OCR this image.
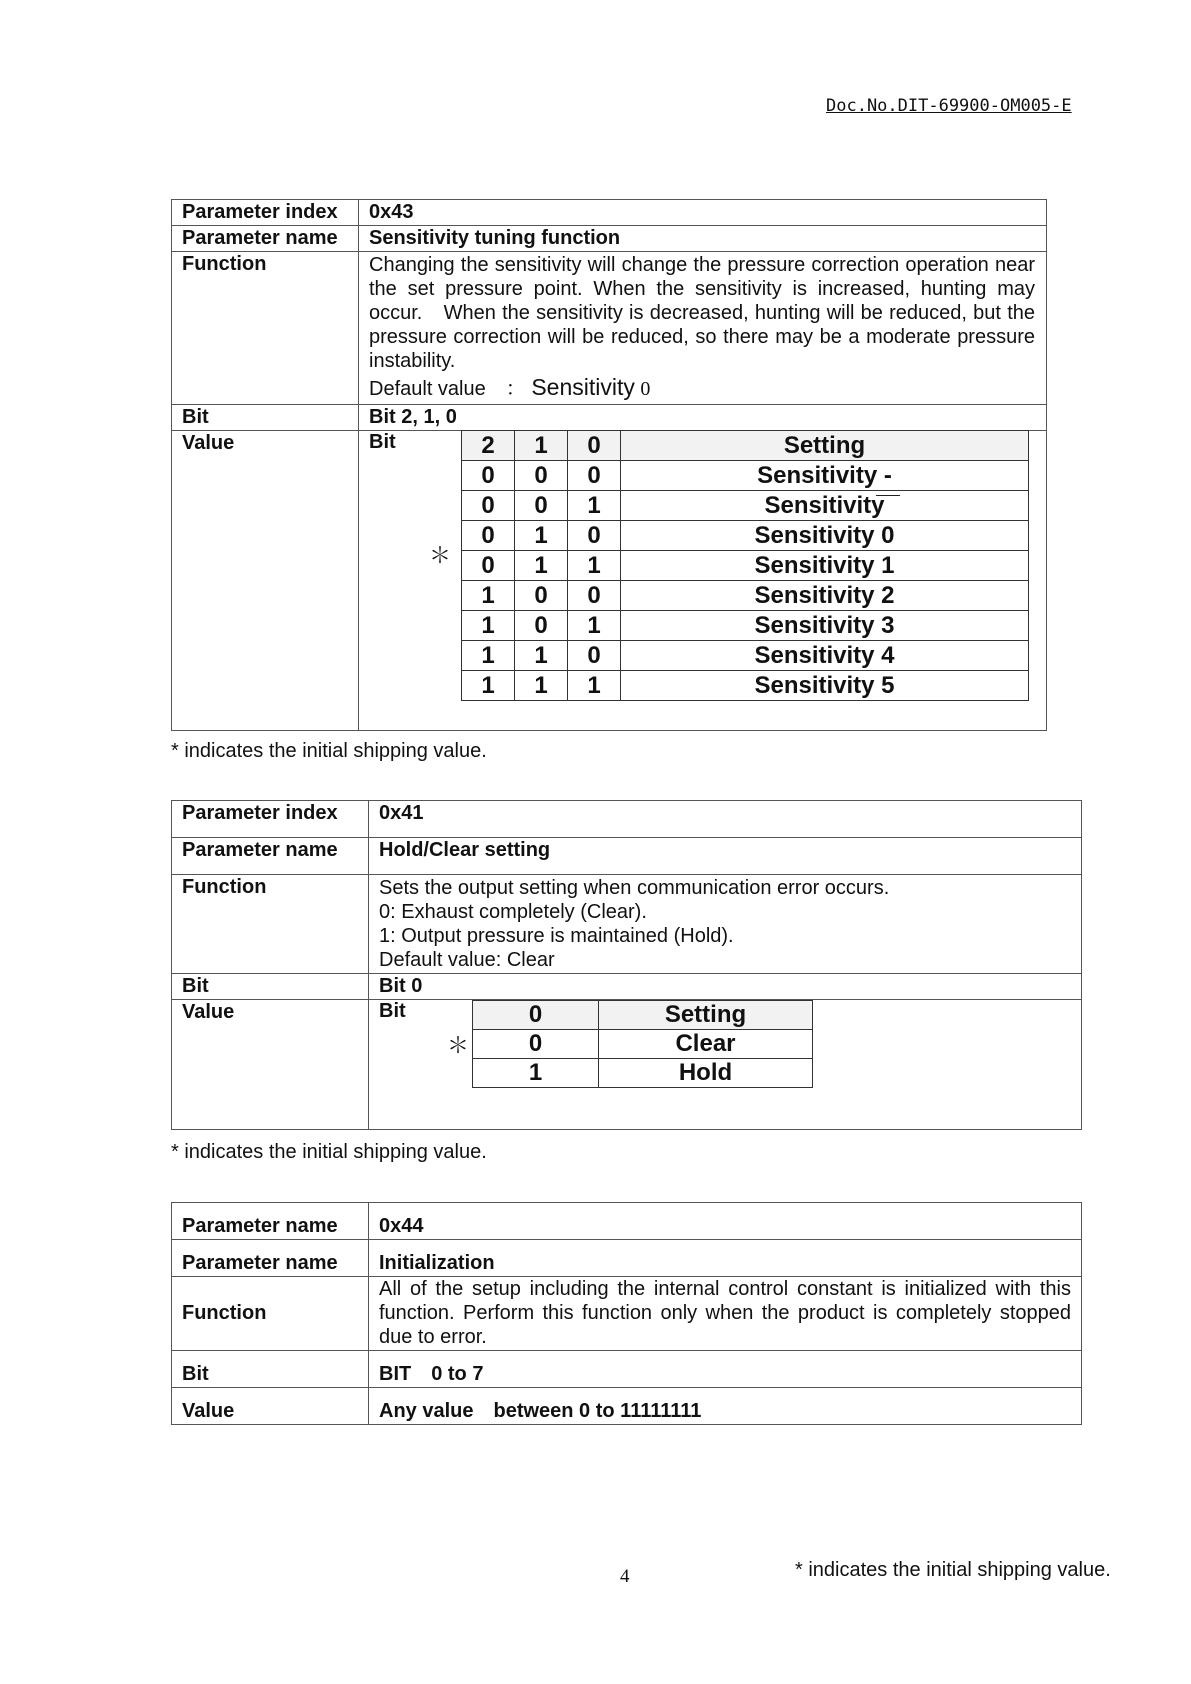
Doc.No.DIT-69900-OM005-E
Parameter index	0x43
Parameter name	Sensitivity tuning function
Function	Changing the sensitivity will change the pressure correction operation near the set pressure point. When the sensitivity is increased, hunting may occur.　When the sensitivity is decreased, hunting will be reduced, but the pressure correction will be reduced, so there may be a moderate pressure instability.
Default value　： Sensitivity 0

Bit	Bit 2, 1, 0
Value	Bit	2	1	0	Setting
0	0	0	Sensitivity -
0	0	1	Sensitivity
0	1	0	Sensitivity 0
0	1	1	Sensitivity 1
1	0	0	Sensitivity 2
1	0	1	Sensitivity 3
1	1	0	Sensitivity 4
1	1	1	Sensitivity 5
＊
* indicates the initial shipping value.
Parameter index	0x41
Parameter name	Hold/Clear setting
Function	Sets the output setting when communication error occurs.
0: Exhaust completely (Clear).
1: Output pressure is maintained (Hold).
Default value: Clear

Bit	Bit 0
Value	Bit	0	Setting
0	Clear
1	Hold
＊
* indicates the initial shipping value.
Parameter name	0x44
Parameter name	Initialization
Function	All of the setup including the internal control constant is initialized with this function. Perform this function only when the product is completely stopped due to error.
Bit	BIT　0 to 7
Value	Any value　between 0 to 11111111
4	* indicates the initial shipping value.
